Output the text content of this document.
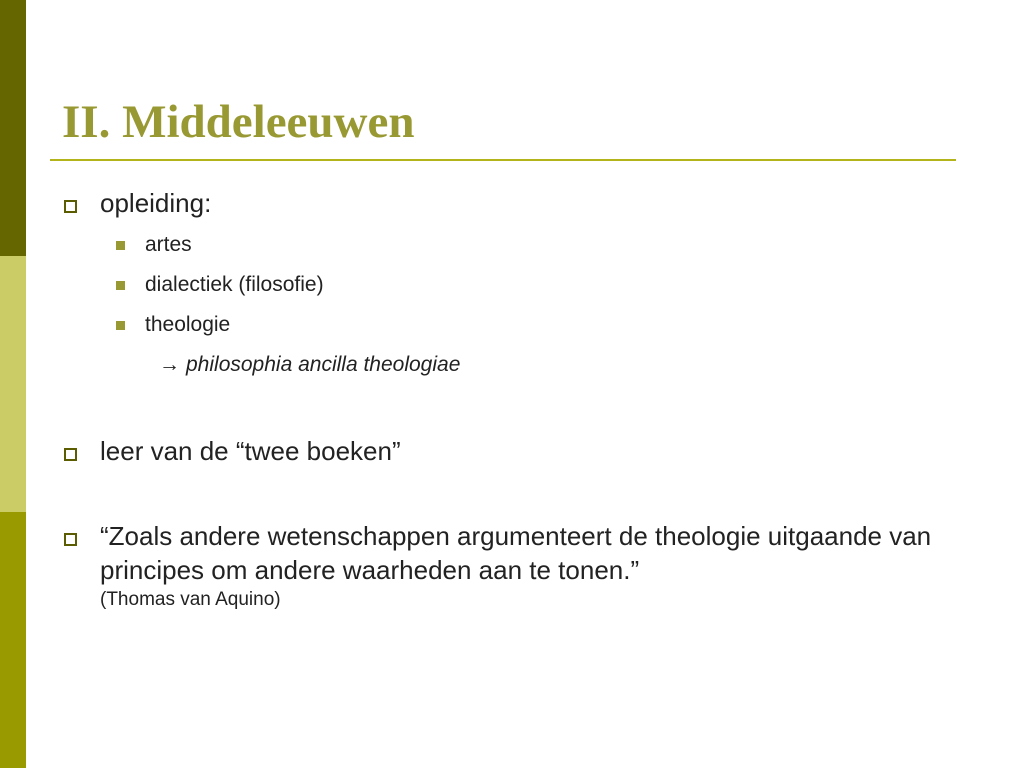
II. Middeleeuwen
opleiding:
artes
dialectiek (filosofie)
theologie
→ philosophia ancilla theologiae
leer van de “twee boeken”
“Zoals andere wetenschappen argumenteert de theologie uitgaande van principes om andere waarheden aan te tonen.”
(Thomas van Aquino)
